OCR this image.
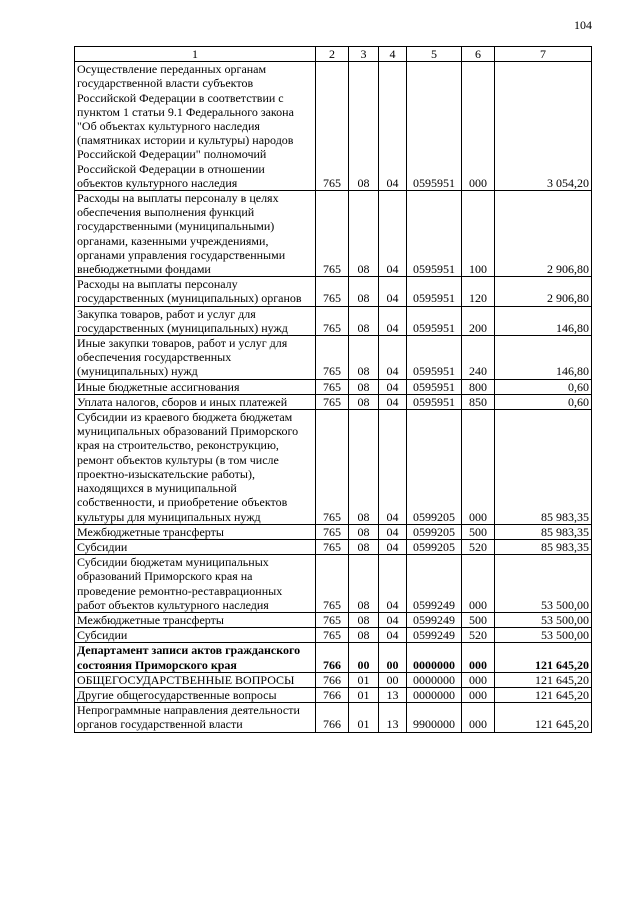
104
1	2	3	4	5	6	7
Осуществление переданных органам государственной власти субъектов Российской Федерации в соответствии с пунктом 1 статьи 9.1 Федерального закона "Об объектах культурного наследия (памятниках истории и культуры) народов Российской Федерации" полномочий Российской Федерации в отношении объектов культурного наследия	765	08	04	0595951	000	3 054,20
Расходы на выплаты персоналу в целях обеспечения выполнения функций государственными (муниципальными) органами, казенными учреждениями, органами управления государственными внебюджетными фондами	765	08	04	0595951	100	2 906,80
Расходы на выплаты персоналу государственных (муниципальных) органов	765	08	04	0595951	120	2 906,80
Закупка товаров, работ и услуг для государственных (муниципальных) нужд	765	08	04	0595951	200	146,80
Иные закупки товаров, работ и услуг для обеспечения государственных (муниципальных) нужд	765	08	04	0595951	240	146,80
Иные бюджетные ассигнования	765	08	04	0595951	800	0,60
Уплата налогов, сборов и иных платежей	765	08	04	0595951	850	0,60
Субсидии из краевого бюджета бюджетам муниципальных образований Приморского края на строительство, реконструкцию, ремонт объектов культуры (в том числе проектно-изыскательские работы), находящихся в муниципальной собственности, и приобретение объектов культуры для муниципальных нужд	765	08	04	0599205	000	85 983,35
Межбюджетные трансферты	765	08	04	0599205	500	85 983,35
Субсидии	765	08	04	0599205	520	85 983,35
Субсидии бюджетам муниципальных образований Приморского края на проведение ремонтно-реставрационных работ объектов культурного наследия	765	08	04	0599249	000	53 500,00
Межбюджетные трансферты	765	08	04	0599249	500	53 500,00
Субсидии	765	08	04	0599249	520	53 500,00
Департамент записи актов гражданского состояния Приморского края	766	00	00	0000000	000	121 645,20
ОБЩЕГОСУДАРСТВЕННЫЕ ВОПРОСЫ	766	01	00	0000000	000	121 645,20
Другие общегосударственные вопросы	766	01	13	0000000	000	121 645,20
Непрограммные направления деятельности органов государственной власти	766	01	13	9900000	000	121 645,20
